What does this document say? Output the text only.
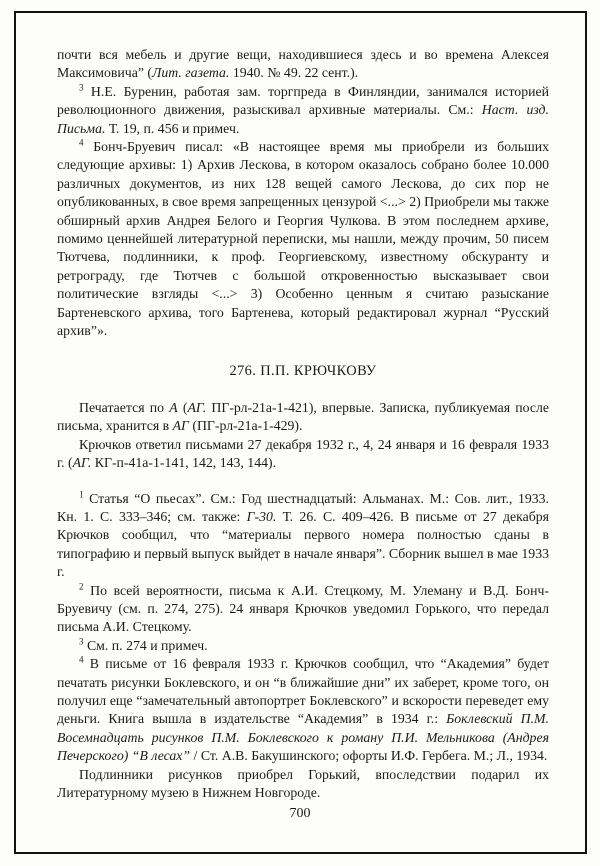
почти вся мебель и другие вещи, находившиеся здесь и во времена Алексея Максимовича” (Лит. газета. 1940. № 49. 22 сент.).

$^3$ Н.Е. Буренин, работая зам. торгпреда в Финляндии, занимался историей революционного движения, разыскивал архивные материалы. См.: Наст. изд. Письма. Т. 19, п. 456 и примеч.

$^4$ Бонч-Бруевич писал: «В настоящее время мы приобрели из больших следующие архивы: 1) Архив Лескова, в котором оказалось собрано более 10.000 различных документов, из них 128 вещей самого Лескова, до сих пор не опубликованных, в свое время запрещенных цензурой <...> 2) Приобрели мы также обширный архив Андрея Белого и Георгия Чулкова. В этом последнем архиве, помимо ценнейшей литературной переписки, мы нашли, между прочим, 50 писем Тютчева, подлинники, к проф. Георгиевскому, известному обскуранту и ретрограду, где Тютчев с большой откровенностью высказывает свои политические взгляды <...> 3) Особенно ценным я считаю разыскание Бартеневского архива, того Бартенева, который редактировал журнал “Русский архив”».

276. П.П. КРЮЧКОВУ

Печатается по А (АГ. ПГ-рл-21а-1-421), впервые. Записка, публикуемая после письма, хранится в АГ (ПГ-рл-21а-1-429).

Крючков ответил письмами 27 декабря 1932 г., 4, 24 января и 16 февраля 1933 г. (АГ. КГ-п-41а-1-141, 142, 143, 144).

$^1$ Статья “О пьесах”. См.: Год шестнадцатый: Альманах. М.: Сов. лит., 1933. Кн. 1. С. 333–346; см. также: Г-30. Т. 26. С. 409–426. В письме от 27 декабря Крючков сообщил, что “материалы первого номера полностью сданы в типографию и первый выпуск выйдет в начале января”. Сборник вышел в мае 1933 г.

$^2$ По всей вероятности, письма к А.И. Стецкому, М. Улеману и В.Д. Бонч-Бруевичу (см. п. 274, 275). 24 января Крючков уведомил Горького, что передал письма А.И. Стецкому.

$^3$ См. п. 274 и примеч.

$^4$ В письме от 16 февраля 1933 г. Крючков сообщил, что “Академия” будет печатать рисунки Боклевского, и он “в ближайшие дни” их заберет, кроме того, он получил еще “замечательный автопортрет Боклевского” и вскорости переведет ему деньги. Книга вышла в издательстве “Академия” в 1934 г.: Боклевский П.М. Восемнадцать рисунков П.М. Боклевского к роману П.И. Мельникова (Андрея Печерского) “В лесах” / Ст. А.В. Бакушинского; офорты И.Ф. Гербега. М.; Л., 1934.

Подлинники рисунков приобрел Горький, впоследствии подарил их Литературному музею в Нижнем Новгороде.

700
